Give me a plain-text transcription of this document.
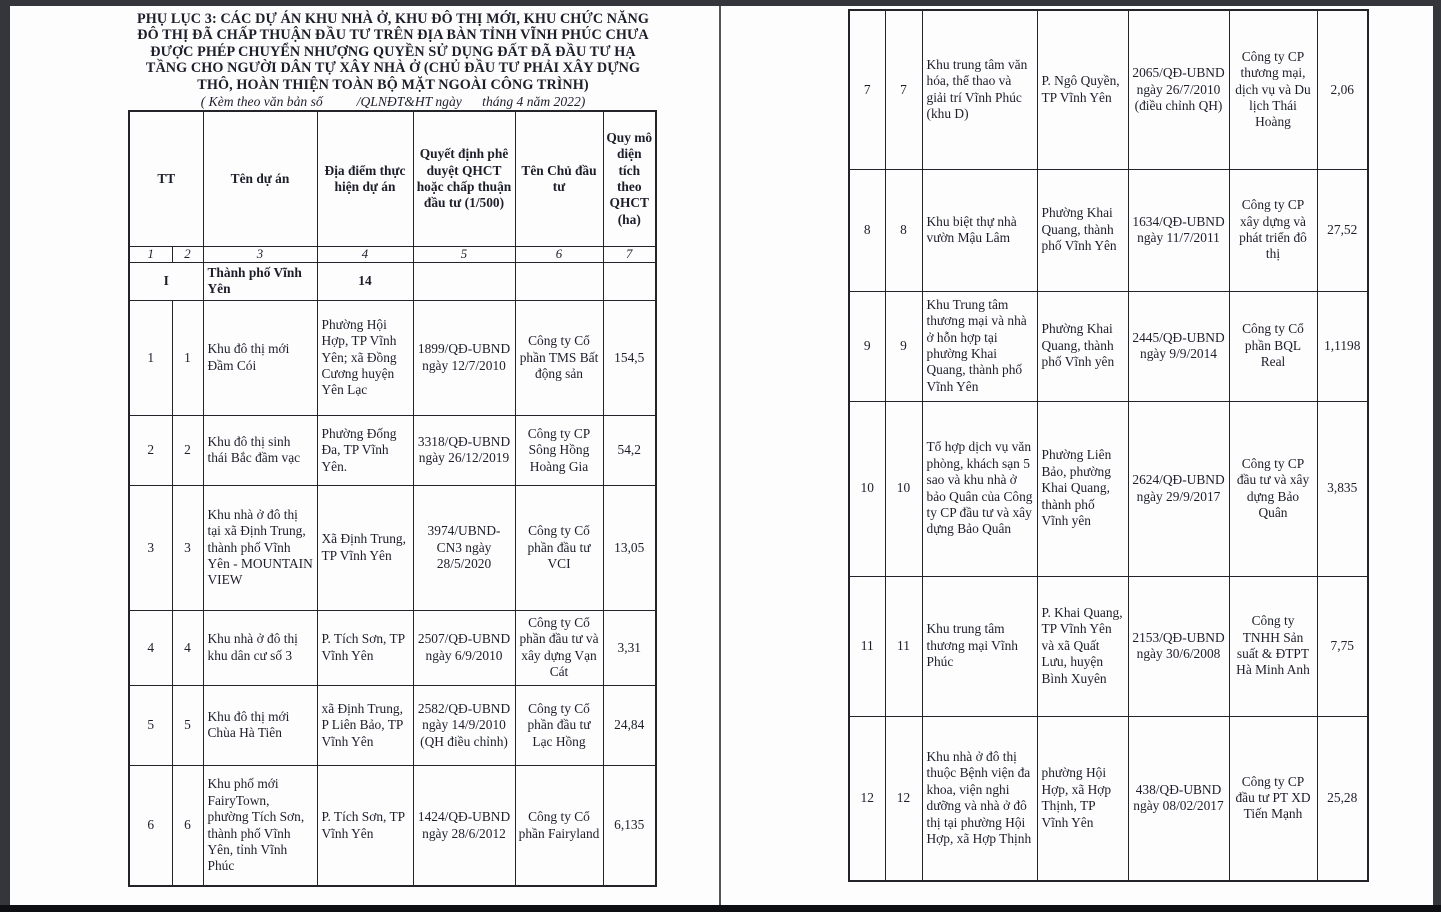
PHỤ LỤC 3: CÁC DỰ ÁN KHU NHÀ Ở, KHU ĐÔ THỊ MỚI, KHU CHỨC NĂNG
ĐÔ THỊ ĐÃ CHẤP THUẬN ĐẦU TƯ TRÊN ĐỊA BÀN TỈNH VĨNH PHÚC CHƯA
ĐƯỢC PHÉP CHUYỂN NHƯỢNG QUYỀN SỬ DỤNG ĐẤT ĐÃ ĐẦU TƯ HẠ
TẦNG CHO NGƯỜI DÂN TỰ XÂY NHÀ Ở (CHỦ ĐẦU TƯ PHẢI XÂY DỰNG
THÔ, HOÀN THIỆN TOÀN BỘ MẶT NGOÀI CÔNG TRÌNH)
( Kèm theo văn bản số          /QLNĐT&HT ngày      tháng 4 năm 2022)
TT		Tên dự án	Địa điểm thực hiện dự án	Quyết định phê duyệt QHCT hoặc chấp thuận đầu tư (1/500)	Tên Chủ đầu tư	Quy mô diện tích theo QHCT (ha)
1	2	3	4	5	6	7
I		Thành phố Vĩnh Yên	14			
1	1	Khu đô thị mới Đầm Cói	Phường Hội Hợp, TP Vĩnh Yên; xã Đồng Cương huyện Yên Lạc	1899/QĐ-UBND ngày 12/7/2010	Công ty Cổ phần TMS Bất động sản	154,5
2	2	Khu đô thị sinh thái Bắc đầm vạc	Phường Đống Đa, TP Vĩnh Yên.	3318/QĐ-UBND ngày 26/12/2019	Công ty CP Sông Hồng Hoàng Gia	54,2
3	3	Khu nhà ở đô thị tại xã Định Trung, thành phố Vĩnh Yên - MOUNTAIN VIEW	Xã Định Trung, TP Vĩnh Yên	3974/UBND-CN3 ngày 28/5/2020	Công ty Cổ phần đầu tư VCI	13,05
4	4	Khu nhà ở đô thị khu dân cư số 3	P. Tích Sơn, TP Vĩnh Yên	2507/QĐ-UBND ngày 6/9/2010	Công ty Cổ phần đầu tư và xây dựng Vạn Cát	3,31
5	5	Khu đô thị mới Chùa Hà Tiên	xã Định Trung, P Liên Bảo, TP Vĩnh Yên	2582/QĐ-UBND ngày 14/9/2010 (QH điều chỉnh)	Công ty Cổ phần đầu tư Lạc Hồng	24,84
6	6	Khu phố mới FairyTown, phường Tích Sơn, thành phố Vĩnh Yên, tỉnh Vĩnh Phúc	P. Tích Sơn, TP Vĩnh Yên	1424/QĐ-UBND ngày 28/6/2012	Công ty Cổ phần Fairyland	6,135
7	7	Khu trung tâm văn hóa, thể thao và giải trí Vĩnh Phúc (khu D)	P. Ngô Quyền, TP Vĩnh Yên	2065/QĐ-UBND ngày 26/7/2010 (điều chỉnh QH)	Công ty CP thương mại, dịch vụ và Du lịch Thái Hoàng	2,06
8	8	Khu biệt thự nhà vườn Mậu Lâm	Phường Khai Quang, thành phố Vĩnh Yên	1634/QĐ-UBND ngày 11/7/2011	Công ty CP xây dựng và phát triển đô thị	27,52
9	9	Khu Trung tâm thương mại và nhà ở hỗn hợp tại phường Khai Quang, thành phố Vĩnh Yên	Phường Khai Quang, thành phố Vĩnh yên	2445/QĐ-UBND ngày 9/9/2014	Công ty Cổ phần BQL Real	1,1198
10	10	Tổ hợp dịch vụ văn phòng, khách sạn 5 sao và khu nhà ở bảo Quân của Công ty CP đầu tư và xây dựng Bảo Quân	Phường Liên Bảo, phường Khai Quang, thành phố Vĩnh yên	2624/QĐ-UBND ngày 29/9/2017	Công ty CP đầu tư và xây dựng Bảo Quân	3,835
11	11	Khu trung tâm thương mại Vĩnh Phúc	P. Khai Quang, TP Vĩnh Yên và xã Quất Lưu, huyện Bình Xuyên	2153/QĐ-UBND ngày 30/6/2008	Công ty TNHH Sản suất & ĐTPT Hà Minh Anh	7,75
12	12	Khu nhà ở đô thị thuộc Bệnh viện đa khoa, viện nghi dưỡng và nhà ở đô thị tại phường Hội Hợp, xã Hợp Thịnh	phường Hội Hợp, xã Hợp Thịnh, TP Vĩnh Yên	438/QĐ-UBND ngày 08/02/2017	Công ty CP đầu tư PT XD Tiến Mạnh	25,28
